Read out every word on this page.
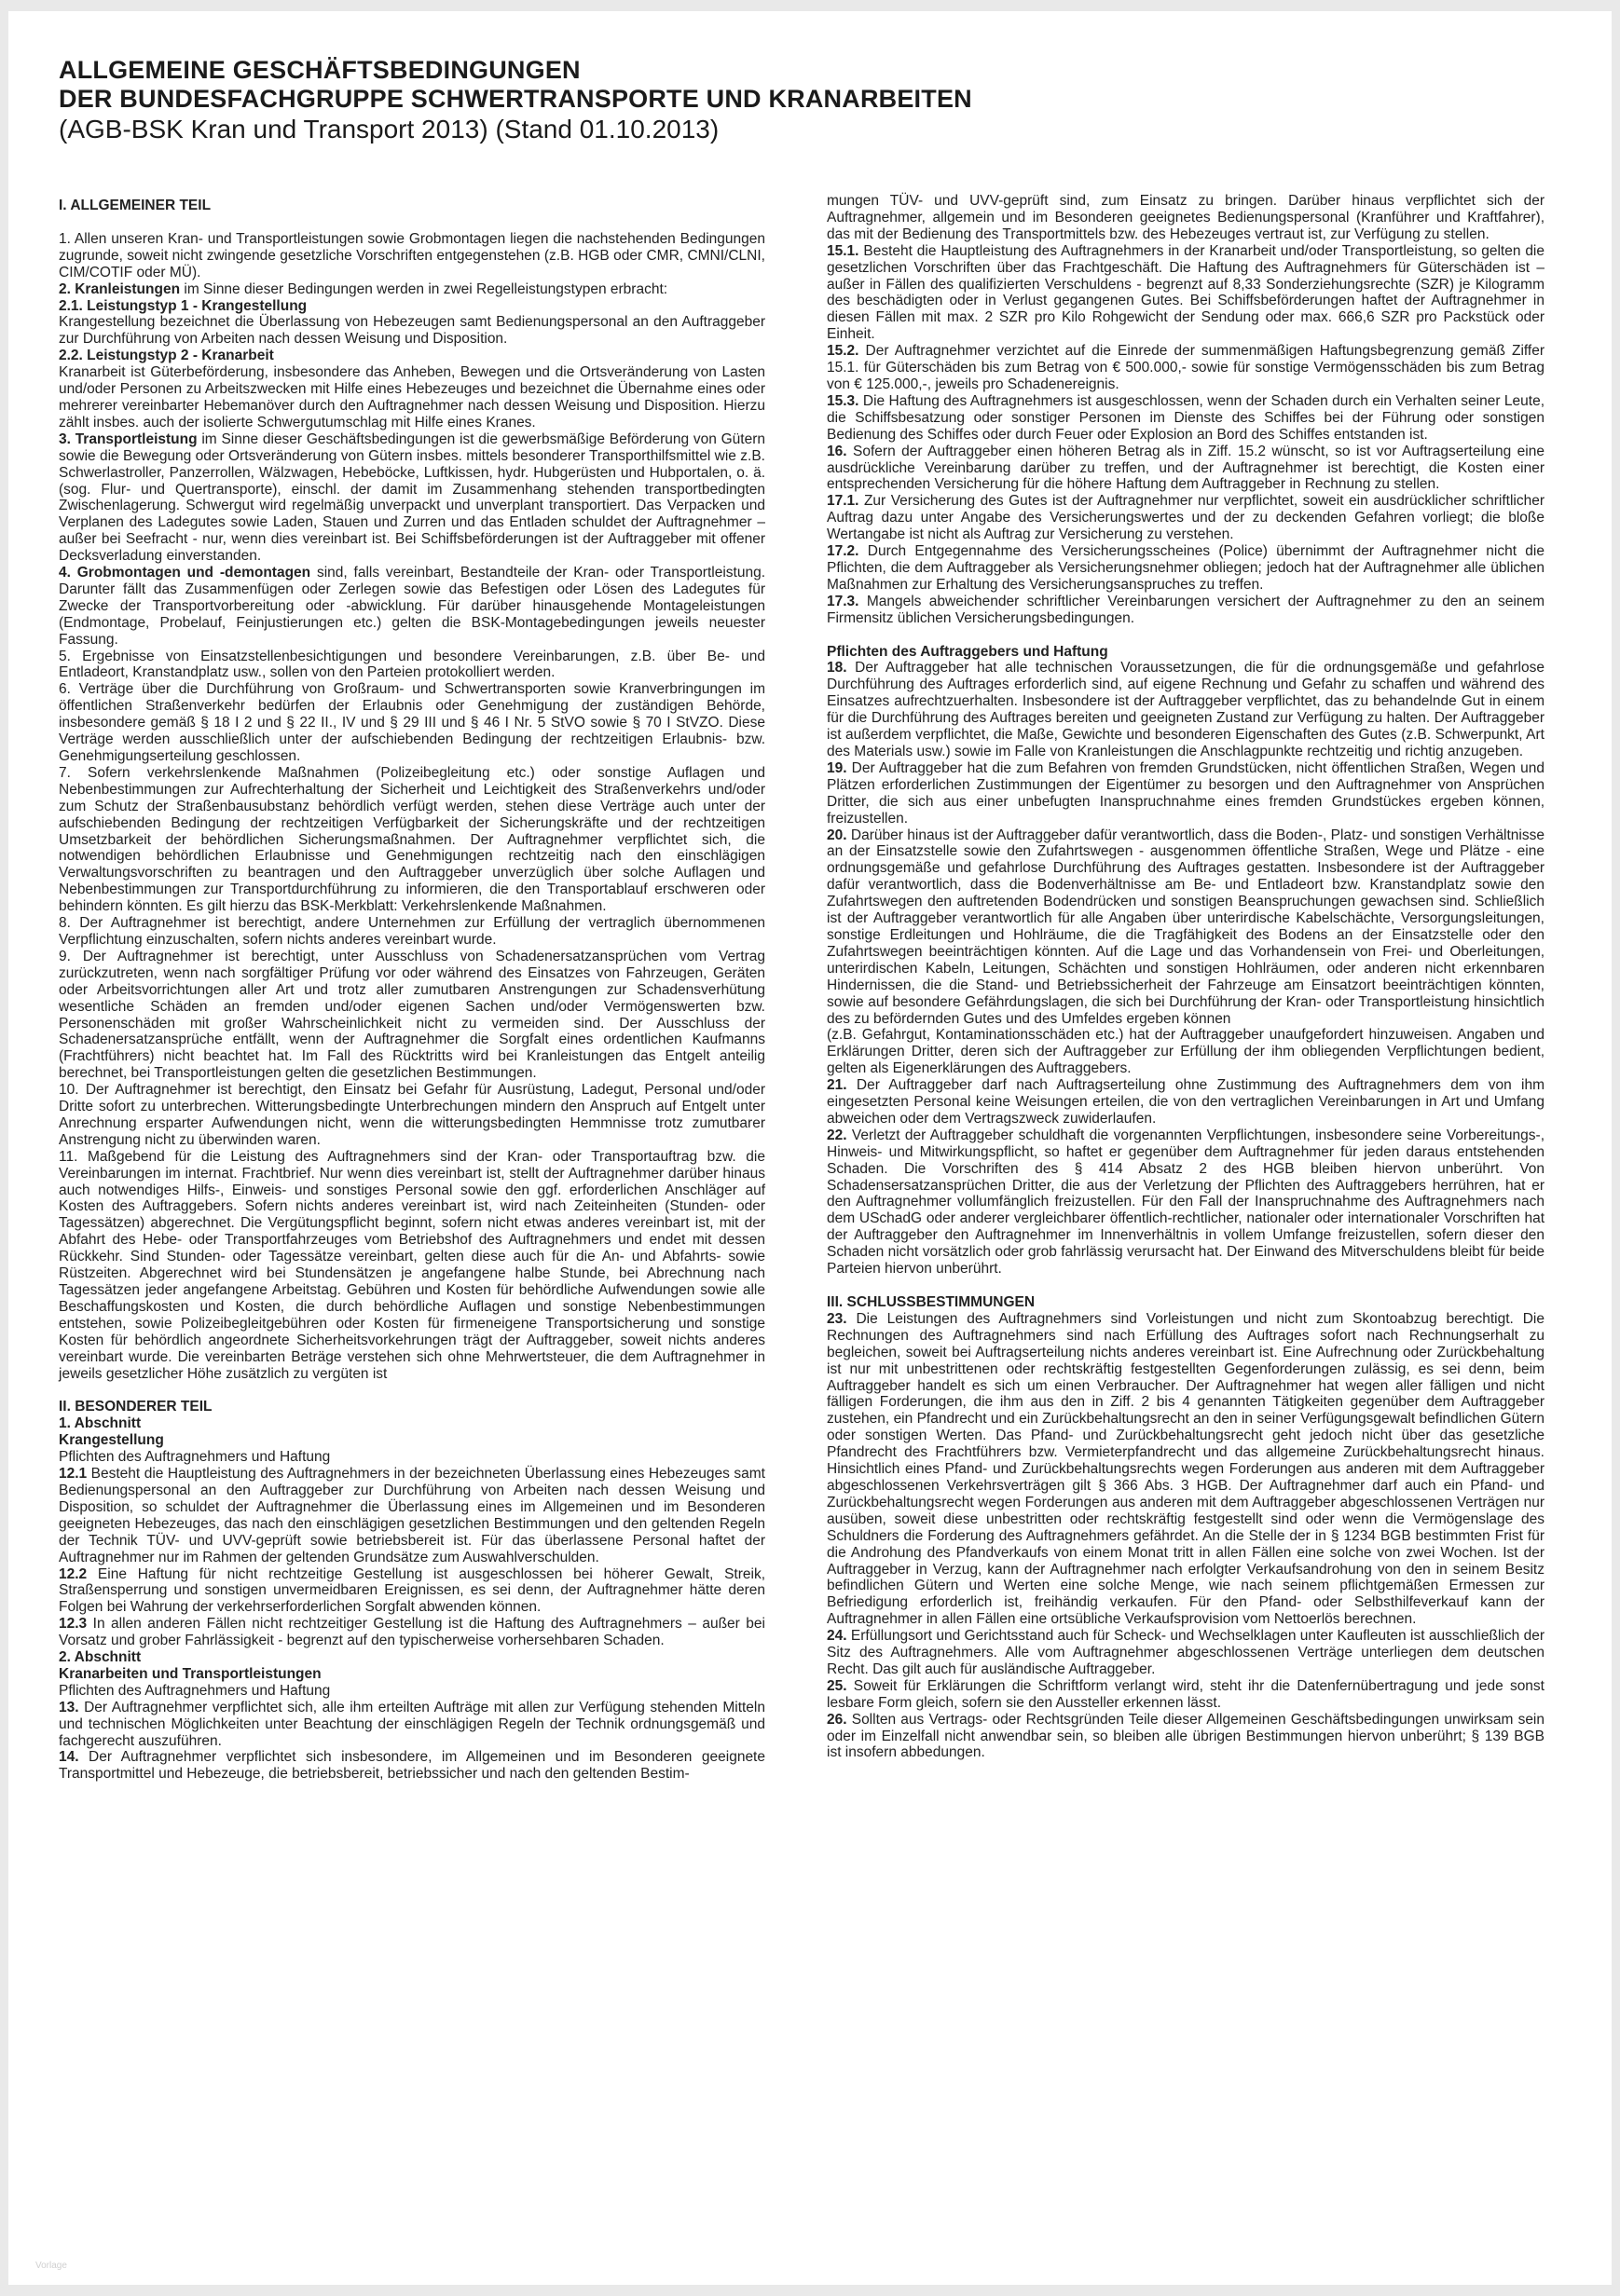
ALLGEMEINE GESCHÄFTSBEDINGUNGEN
DER BUNDESFACHGRUPPE SCHWERTRANSPORTE UND KRANARBEITEN
(AGB-BSK Kran und Transport 2013) (Stand 01.10.2013)

I. ALLGEMEINER TEIL

1. Allen unseren Kran- und Transportleistungen sowie Grobmontagen liegen die nachstehenden Bedingungen zugrunde, soweit nicht zwingende gesetzliche Vorschriften entgegenstehen (z.B. HGB oder CMR, CMNI/CLNI, CIM/COTIF oder MÜ).

2. Kranleistungen im Sinne dieser Bedingungen werden in zwei Regelleistungstypen erbracht:

2.1. Leistungstyp 1 - Krangestellung

Krangestellung bezeichnet die Überlassung von Hebezeugen samt Bedienungspersonal an den Auftraggeber zur Durchführung von Arbeiten nach dessen Weisung und Disposition.

2.2. Leistungstyp 2 - Kranarbeit

Kranarbeit ist Güterbeförderung, insbesondere das Anheben, Bewegen und die Ortsveränderung von Lasten und/oder Personen zu Arbeitszwecken mit Hilfe eines Hebezeuges und bezeichnet die Übernahme eines oder mehrerer vereinbarter Hebemanöver durch den Auftragnehmer nach dessen Weisung und Disposition. Hierzu zählt insbes. auch der isolierte Schwergutumschlag mit Hilfe eines Kranes.

3. Transportleistung im Sinne dieser Geschäftsbedingungen ist die gewerbsmäßige Beförderung von Gütern sowie die Bewegung oder Ortsveränderung von Gütern insbes. mittels besonderer Transporthilfsmittel wie z.B. Schwerlastroller, Panzerrollen, Wälzwagen, Hebeböcke, Luftkissen, hydr. Hubgerüsten und Hubportalen, o. ä. (sog. Flur- und Quertransporte), einschl. der damit im Zusammenhang stehenden transportbedingten Zwischenlagerung. Schwergut wird regelmäßig unverpackt und unverplant transportiert. Das Verpacken und Verplanen des Ladegutes sowie Laden, Stauen und Zurren und das Entladen schuldet der Auftragnehmer – außer bei Seefracht - nur, wenn dies vereinbart ist. Bei Schiffsbeförderungen ist der Auftraggeber mit offener Decksverladung einverstanden.

4. Grobmontagen und -demontagen sind, falls vereinbart, Bestandteile der Kran- oder Transportleistung. Darunter fällt das Zusammenfügen oder Zerlegen sowie das Befestigen oder Lösen des Ladegutes für Zwecke der Transportvorbereitung oder -abwicklung. Für darüber hinausgehende Montageleistungen (Endmontage, Probelauf, Feinjustierungen etc.) gelten die BSK-Montagebedingungen jeweils neuester Fassung.

5. Ergebnisse von Einsatzstellenbesichtigungen und besondere Vereinbarungen, z.B. über Be- und Entladeort, Kranstandplatz usw., sollen von den Parteien protokolliert werden.

6. Verträge über die Durchführung von Großraum- und Schwertransporten sowie Kranverbringungen im öffentlichen Straßenverkehr bedürfen der Erlaubnis oder Genehmigung der zuständigen Behörde, insbesondere gemäß § 18 I 2 und § 22 II., IV und § 29 III und § 46 I Nr. 5 StVO sowie § 70 I StVZO. Diese Verträge werden ausschließlich unter der aufschiebenden Bedingung der rechtzeitigen Erlaubnis- bzw. Genehmigungserteilung geschlossen.

7. Sofern verkehrslenkende Maßnahmen (Polizeibegleitung etc.) oder sonstige Auflagen und Nebenbestimmungen zur Aufrechterhaltung der Sicherheit und Leichtigkeit des Straßenverkehrs und/oder zum Schutz der Straßenbausubstanz behördlich verfügt werden, stehen diese Verträge auch unter der aufschiebenden Bedingung der rechtzeitigen Verfügbarkeit der Sicherungskräfte und der rechtzeitigen Umsetzbarkeit der behördlichen Sicherungsmaßnahmen. Der Auftragnehmer verpflichtet sich, die notwendigen behördlichen Erlaubnisse und Genehmigungen rechtzeitig nach den einschlägigen Verwaltungsvorschriften zu beantragen und den Auftraggeber unverzüglich über solche Auflagen und Nebenbestimmungen zur Transportdurchführung zu informieren, die den Transportablauf erschweren oder behindern könnten. Es gilt hierzu das BSK-Merkblatt: Verkehrslenkende Maßnahmen.

8. Der Auftragnehmer ist berechtigt, andere Unternehmen zur Erfüllung der vertraglich übernommenen Verpflichtung einzuschalten, sofern nichts anderes vereinbart wurde.

9. Der Auftragnehmer ist berechtigt, unter Ausschluss von Schadenersatzansprüchen vom Vertrag zurückzutreten, wenn nach sorgfältiger Prüfung vor oder während des Einsatzes von Fahrzeugen, Geräten oder Arbeitsvorrichtungen aller Art und trotz aller zumutbaren Anstrengungen zur Schadensverhütung wesentliche Schäden an fremden und/oder eigenen Sachen und/oder Vermögenswerten bzw. Personenschäden mit großer Wahrscheinlichkeit nicht zu vermeiden sind. Der Ausschluss der Schadenersatzansprüche entfällt, wenn der Auftragnehmer die Sorgfalt eines ordentlichen Kaufmanns (Frachtführers) nicht beachtet hat. Im Fall des Rücktritts wird bei Kranleistungen das Entgelt anteilig berechnet, bei Transportleistungen gelten die gesetzlichen Bestimmungen.

10. Der Auftragnehmer ist berechtigt, den Einsatz bei Gefahr für Ausrüstung, Ladegut, Personal und/oder Dritte sofort zu unterbrechen. Witterungsbedingte Unterbrechungen mindern den Anspruch auf Entgelt unter Anrechnung ersparter Aufwendungen nicht, wenn die witterungsbedingten Hemmnisse trotz zumutbarer Anstrengung nicht zu überwinden waren.

11. Maßgebend für die Leistung des Auftragnehmers sind der Kran- oder Transportauftrag bzw. die Vereinbarungen im internat. Frachtbrief. Nur wenn dies vereinbart ist, stellt der Auftragnehmer darüber hinaus auch notwendiges Hilfs-, Einweis- und sonstiges Personal sowie den ggf. erforderlichen Anschläger auf Kosten des Auftraggebers. Sofern nichts anderes vereinbart ist, wird nach Zeiteinheiten (Stunden- oder Tagessätzen) abgerechnet. Die Vergütungspflicht beginnt, sofern nicht etwas anderes vereinbart ist, mit der Abfahrt des Hebe- oder Transportfahrzeuges vom Betriebshof des Auftragnehmers und endet mit dessen Rückkehr. Sind Stunden- oder Tagessätze vereinbart, gelten diese auch für die An- und Abfahrts- sowie Rüstzeiten. Abgerechnet wird bei Stundensätzen je angefangene halbe Stunde, bei Abrechnung nach Tagessätzen jeder angefangene Arbeitstag. Gebühren und Kosten für behördliche Aufwendungen sowie alle Beschaffungskosten und Kosten, die durch behördliche Auflagen und sonstige Nebenbestimmungen entstehen, sowie Polizeibegleitgebühren oder Kosten für firmeneigene Transportsicherung und sonstige Kosten für behördlich angeordnete Sicherheitsvorkehrungen trägt der Auftraggeber, soweit nichts anderes vereinbart wurde. Die vereinbarten Beträge verstehen sich ohne Mehrwertsteuer, die dem Auftragnehmer in jeweils gesetzlicher Höhe zusätzlich zu vergüten ist

II. BESONDERER TEIL

1. Abschnitt

Krangestellung

Pflichten des Auftragnehmers und Haftung

12.1 Besteht die Hauptleistung des Auftragnehmers in der bezeichneten Überlassung eines Hebezeuges samt Bedienungspersonal an den Auftraggeber zur Durchführung von Arbeiten nach dessen Weisung und Disposition, so schuldet der Auftragnehmer die Überlassung eines im Allgemeinen und im Besonderen geeigneten Hebezeuges, das nach den einschlägigen gesetzlichen Bestimmungen und den geltenden Regeln der Technik TÜV- und UVV-geprüft sowie betriebsbereit ist. Für das überlassene Personal haftet der Auftragnehmer nur im Rahmen der geltenden Grundsätze zum Auswahlverschulden.

12.2 Eine Haftung für nicht rechtzeitige Gestellung ist ausgeschlossen bei höherer Gewalt, Streik, Straßensperrung und sonstigen unvermeidbaren Ereignissen, es sei denn, der Auftragnehmer hätte deren Folgen bei Wahrung der verkehrserforderlichen Sorgfalt abwenden können.

12.3 In allen anderen Fällen nicht rechtzeitiger Gestellung ist die Haftung des Auftragnehmers – außer bei Vorsatz und grober Fahrlässigkeit - begrenzt auf den typischerweise vorhersehbaren Schaden.

2. Abschnitt

Kranarbeiten und Transportleistungen

Pflichten des Auftragnehmers und Haftung

13. Der Auftragnehmer verpflichtet sich, alle ihm erteilten Aufträge mit allen zur Verfügung stehenden Mitteln und technischen Möglichkeiten unter Beachtung der einschlägigen Regeln der Technik ordnungsgemäß und fachgerecht auszuführen.

14. Der Auftragnehmer verpflichtet sich insbesondere, im Allgemeinen und im Besonderen geeignete Transportmittel und Hebezeuge, die betriebsbereit, betriebssicher und nach den geltenden Bestim-

mungen TÜV- und UVV-geprüft sind, zum Einsatz zu bringen. Darüber hinaus verpflichtet sich der Auftragnehmer, allgemein und im Besonderen geeignetes Bedienungspersonal (Kranführer und Kraftfahrer), das mit der Bedienung des Transportmittels bzw. des Hebezeuges vertraut ist, zur Verfügung zu stellen.

15.1. Besteht die Hauptleistung des Auftragnehmers in der Kranarbeit und/oder Transportleistung, so gelten die gesetzlichen Vorschriften über das Frachtgeschäft. Die Haftung des Auftragnehmers für Güterschäden ist – außer in Fällen des qualifizierten Verschuldens - begrenzt auf 8,33 Sonderziehungsrechte (SZR) je Kilogramm des beschädigten oder in Verlust gegangenen Gutes. Bei Schiffsbeförderungen haftet der Auftragnehmer in diesen Fällen mit max. 2 SZR pro Kilo Rohgewicht der Sendung oder max. 666,6 SZR pro Packstück oder Einheit.

15.2. Der Auftragnehmer verzichtet auf die Einrede der summenmäßigen Haftungsbegrenzung gemäß Ziffer 15.1. für Güterschäden bis zum Betrag von € 500.000,- sowie für sonstige Vermögensschäden bis zum Betrag von € 125.000,-, jeweils pro Schadenereignis.

15.3. Die Haftung des Auftragnehmers ist ausgeschlossen, wenn der Schaden durch ein Verhalten seiner Leute, die Schiffsbesatzung oder sonstiger Personen im Dienste des Schiffes bei der Führung oder sonstigen Bedienung des Schiffes oder durch Feuer oder Explosion an Bord des Schiffes entstanden ist.

16. Sofern der Auftraggeber einen höheren Betrag als in Ziff. 15.2 wünscht, so ist vor Auftragserteilung eine ausdrückliche Vereinbarung darüber zu treffen, und der Auftragnehmer ist berechtigt, die Kosten einer entsprechenden Versicherung für die höhere Haftung dem Auftraggeber in Rechnung zu stellen.

17.1. Zur Versicherung des Gutes ist der Auftragnehmer nur verpflichtet, soweit ein ausdrücklicher schriftlicher Auftrag dazu unter Angabe des Versicherungswertes und der zu deckenden Gefahren vorliegt; die bloße Wertangabe ist nicht als Auftrag zur Versicherung zu verstehen.

17.2. Durch Entgegennahme des Versicherungsscheines (Police) übernimmt der Auftragnehmer nicht die Pflichten, die dem Auftraggeber als Versicherungsnehmer obliegen; jedoch hat der Auftragnehmer alle üblichen Maßnahmen zur Erhaltung des Versicherungsanspruches zu treffen.

17.3. Mangels abweichender schriftlicher Vereinbarungen versichert der Auftragnehmer zu den an seinem Firmensitz üblichen Versicherungsbedingungen.

Pflichten des Auftraggebers und Haftung

18. Der Auftraggeber hat alle technischen Voraussetzungen, die für die ordnungsgemäße und gefahrlose Durchführung des Auftrages erforderlich sind, auf eigene Rechnung und Gefahr zu schaffen und während des Einsatzes aufrechtzuerhalten. Insbesondere ist der Auftraggeber verpflichtet, das zu behandelnde Gut in einem für die Durchführung des Auftrages bereiten und geeigneten Zustand zur Verfügung zu halten. Der Auftraggeber ist außerdem verpflichtet, die Maße, Gewichte und besonderen Eigenschaften des Gutes (z.B. Schwerpunkt, Art des Materials usw.) sowie im Falle von Kranleistungen die Anschlagpunkte rechtzeitig und richtig anzugeben.

19. Der Auftraggeber hat die zum Befahren von fremden Grundstücken, nicht öffentlichen Straßen, Wegen und Plätzen erforderlichen Zustimmungen der Eigentümer zu besorgen und den Auftragnehmer von Ansprüchen Dritter, die sich aus einer unbefugten Inanspruchnahme eines fremden Grundstückes ergeben können, freizustellen.

20. Darüber hinaus ist der Auftraggeber dafür verantwortlich, dass die Boden-, Platz- und sonstigen Verhältnisse an der Einsatzstelle sowie den Zufahrtswegen - ausgenommen öffentliche Straßen, Wege und Plätze - eine ordnungsgemäße und gefahrlose Durchführung des Auftrages gestatten. Insbesondere ist der Auftraggeber dafür verantwortlich, dass die Bodenverhältnisse am Be- und Entladeort bzw. Kranstandplatz sowie den Zufahrtswegen den auftretenden Bodendrücken und sonstigen Beanspruchungen gewachsen sind. Schließlich ist der Auftraggeber verantwortlich für alle Angaben über unterirdische Kabelschächte, Versorgungsleitungen, sonstige Erdleitungen und Hohlräume, die die Tragfähigkeit des Bodens an der Einsatzstelle oder den Zufahrtswegen beeinträchtigen könnten. Auf die Lage und das Vorhandensein von Frei- und Oberleitungen, unterirdischen Kabeln, Leitungen, Schächten und sonstigen Hohlräumen, oder anderen nicht erkennbaren Hindernissen, die die Stand- und Betriebssicherheit der Fahrzeuge am Einsatzort beeinträchtigen könnten, sowie auf besondere Gefährdungslagen, die sich bei Durchführung der Kran- oder Transportleistung hinsichtlich des zu befördernden Gutes und des Umfeldes ergeben können

(z.B. Gefahrgut, Kontaminationsschäden etc.) hat der Auftraggeber unaufgefordert hinzuweisen. Angaben und Erklärungen Dritter, deren sich der Auftraggeber zur Erfüllung der ihm obliegenden Verpflichtungen bedient, gelten als Eigenerklärungen des Auftraggebers.

21. Der Auftraggeber darf nach Auftragserteilung ohne Zustimmung des Auftragnehmers dem von ihm eingesetzten Personal keine Weisungen erteilen, die von den vertraglichen Vereinbarungen in Art und Umfang abweichen oder dem Vertragszweck zuwiderlaufen.

22. Verletzt der Auftraggeber schuldhaft die vorgenannten Verpflichtungen, insbesondere seine Vorbereitungs-, Hinweis- und Mitwirkungspflicht, so haftet er gegenüber dem Auftragnehmer für jeden daraus entstehenden Schaden. Die Vorschriften des § 414 Absatz 2 des HGB bleiben hiervon unberührt. Von Schadensersatzansprüchen Dritter, die aus der Verletzung der Pflichten des Auftraggebers herrühren, hat er den Auftragnehmer vollumfänglich freizustellen. Für den Fall der Inanspruchnahme des Auftragnehmers nach dem USchadG oder anderer vergleichbarer öffentlich-rechtlicher, nationaler oder internationaler Vorschriften hat der Auftraggeber den Auftragnehmer im Innenverhältnis in vollem Umfange freizustellen, sofern dieser den Schaden nicht vorsätzlich oder grob fahrlässig verursacht hat. Der Einwand des Mitverschuldens bleibt für beide Parteien hiervon unberührt.

III. SCHLUSSBESTIMMUNGEN

23. Die Leistungen des Auftragnehmers sind Vorleistungen und nicht zum Skontoabzug berechtigt. Die Rechnungen des Auftragnehmers sind nach Erfüllung des Auftrages sofort nach Rechnungserhalt zu begleichen, soweit bei Auftragserteilung nichts anderes vereinbart ist. Eine Aufrechnung oder Zurückbehaltung ist nur mit unbestrittenen oder rechtskräftig festgestellten Gegenforderungen zulässig, es sei denn, beim Auftraggeber handelt es sich um einen Verbraucher. Der Auftragnehmer hat wegen aller fälligen und nicht fälligen Forderungen, die ihm aus den in Ziff. 2 bis 4 genannten Tätigkeiten gegenüber dem Auftraggeber zustehen, ein Pfandrecht und ein Zurückbehaltungsrecht an den in seiner Verfügungsgewalt befindlichen Gütern oder sonstigen Werten. Das Pfand- und Zurückbehaltungsrecht geht jedoch nicht über das gesetzliche Pfandrecht des Frachtführers bzw. Vermieterpfandrecht und das allgemeine Zurückbehaltungsrecht hinaus. Hinsichtlich eines Pfand- und Zurückbehaltungsrechts wegen Forderungen aus anderen mit dem Auftraggeber abgeschlossenen Verkehrsverträgen gilt § 366 Abs. 3 HGB. Der Auftragnehmer darf auch ein Pfand- und Zurückbehaltungsrecht wegen Forderungen aus anderen mit dem Auftraggeber abgeschlossenen Verträgen nur ausüben, soweit diese unbestritten oder rechtskräftig festgestellt sind oder wenn die Vermögenslage des Schuldners die Forderung des Auftragnehmers gefährdet. An die Stelle der in § 1234 BGB bestimmten Frist für die Androhung des Pfandverkaufs von einem Monat tritt in allen Fällen eine solche von zwei Wochen. Ist der Auftraggeber in Verzug, kann der Auftragnehmer nach erfolgter Verkaufsandrohung von den in seinem Besitz befindlichen Gütern und Werten eine solche Menge, wie nach seinem pflichtgemäßen Ermessen zur Befriedigung erforderlich ist, freihändig verkaufen. Für den Pfand- oder Selbsthilfeverkauf kann der Auftragnehmer in allen Fällen eine ortsübliche Verkaufsprovision vom Nettoerlös berechnen.

24. Erfüllungsort und Gerichtsstand auch für Scheck- und Wechselklagen unter Kaufleuten ist ausschließlich der Sitz des Auftragnehmers. Alle vom Auftragnehmer abgeschlossenen Verträge unterliegen dem deutschen Recht. Das gilt auch für ausländische Auftraggeber.

25. Soweit für Erklärungen die Schriftform verlangt wird, steht ihr die Datenfernübertragung und jede sonst lesbare Form gleich, sofern sie den Aussteller erkennen lässt.

26. Sollten aus Vertrags- oder Rechtsgründen Teile dieser Allgemeinen Geschäftsbedingungen unwirksam sein oder im Einzelfall nicht anwendbar sein, so bleiben alle übrigen Bestimmungen hiervon unberührt; § 139 BGB ist insofern abbedungen.

Vorlage
